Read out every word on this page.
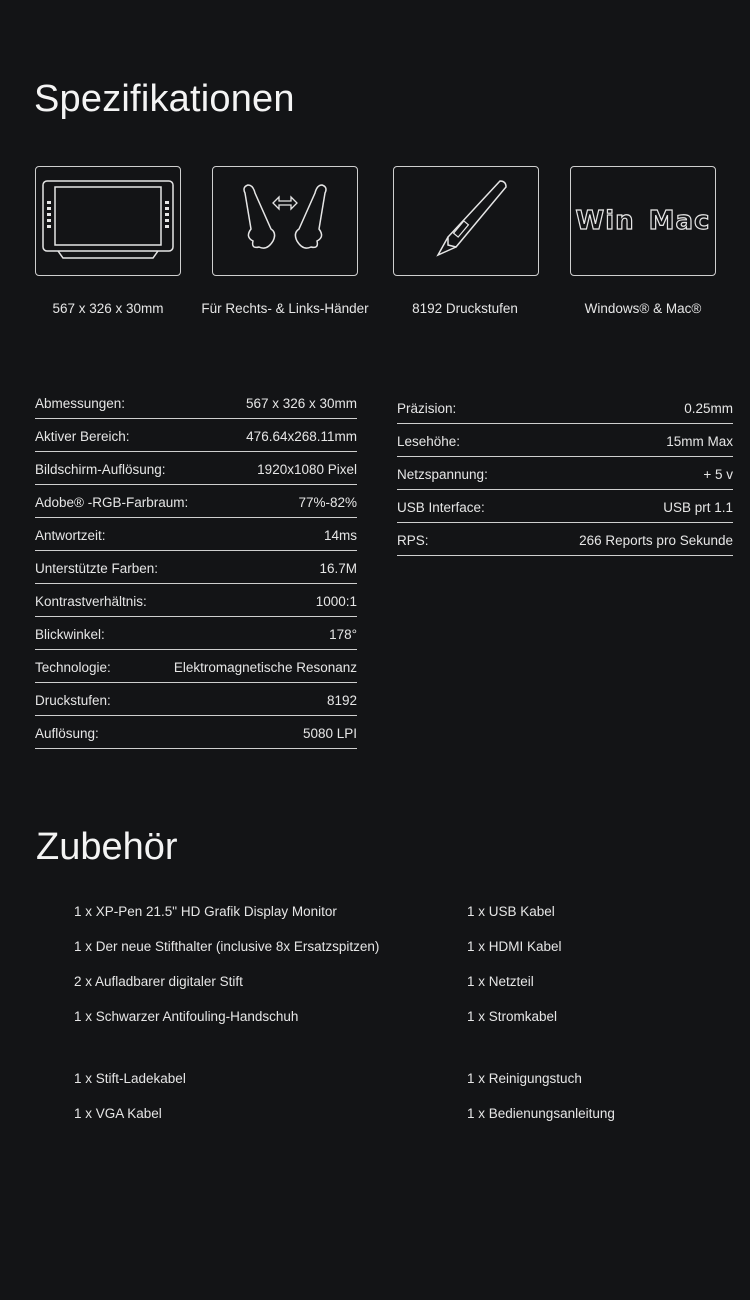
Spezifikationen
Win Mac
567 x 326 x 30mm	Für Rechts- & Links-Händer	8192 Druckstufen	Windows® & Mac®
Abmessungen:	567 x 326 x 30mm
Aktiver Bereich:	476.64x268.11mm
Bildschirm-Auflösung:	1920x1080 Pixel
Adobe® -RGB-Farbraum:	77%-82%
Antwortzeit:	14ms
Unterstützte Farben:	16.7M
Kontrastverhältnis:	1000:1
Blickwinkel:	178°
Technologie:	Elektromagnetische Resonanz
Druckstufen:	8192
Auflösung:	5080 LPI
Präzision:	0.25mm
Lesehöhe:	15mm Max
Netzspannung:	+ 5 v
USB Interface:	USB prt 1.1
RPS:	266 Reports pro Sekunde
Zubehör
1 x XP-Pen 21.5" HD Grafik Display Monitor
1 x Der neue Stifthalter (inclusive 8x Ersatzspitzen)
2 x Aufladbarer digitaler Stift
1 x Schwarzer Antifouling-Handschuh
1 x Stift-Ladekabel
1 x VGA Kabel
1 x USB Kabel
1 x HDMI Kabel
1 x Netzteil
1 x Stromkabel
1 x Reinigungstuch
1 x Bedienungsanleitung
